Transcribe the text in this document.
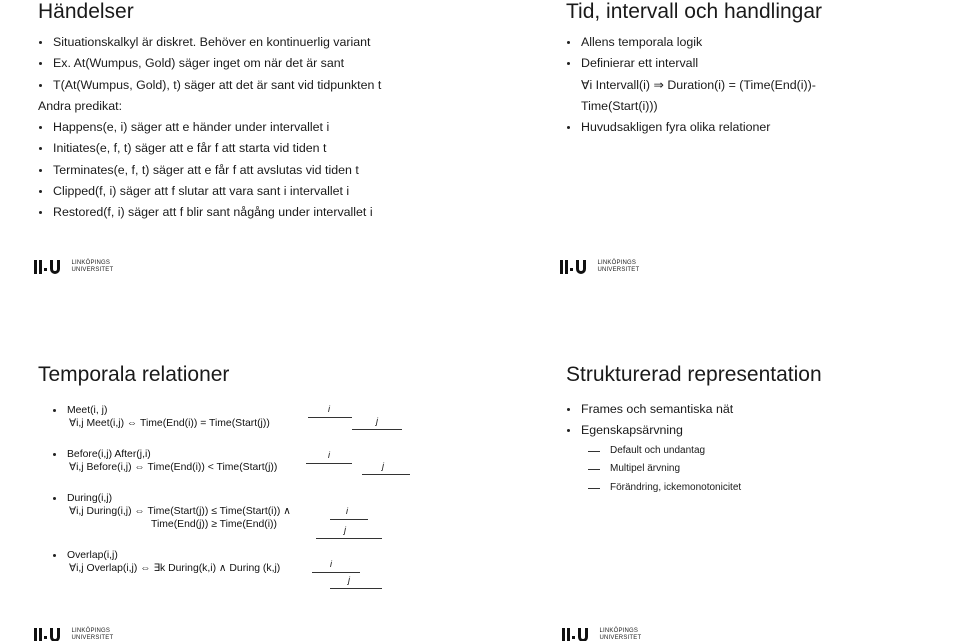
Händelser
Situationskalkyl är diskret. Behöver en kontinuerlig variant
Ex. At(Wumpus, Gold) säger inget om när det är sant
T(At(Wumpus, Gold), t) säger att det är sant vid tidpunkten t
Andra predikat:
Happens(e, i) säger att e händer under intervallet i
Initiates(e, f, t) säger att e får f att starta vid tiden t
Terminates(e, f, t) säger att e får f att avslutas vid tiden t
Clipped(f, i) säger att f slutar att vara sant i intervallet i
Restored(f, i) säger att f blir sant någång under intervallet i
LINKÖPINGS
UNIVERSITET
Tid, intervall och handlingar
Allens temporala logik
Definierar ett intervall
∀i Intervall(i) ⇒ Duration(i) = (Time(End(i))-
Time(Start(i)))
Huvudsakligen fyra olika relationer
LINKÖPINGS
UNIVERSITET
Temporala relationer
Meet(i, j)
∀i,j Meet(i,j) ⇔ Time(End(i)) = Time(Start(j))
Before(i,j) After(j,i)
∀i,j Before(i,j) ⇔ Time(End(i)) < Time(Start(j))
During(i,j)
∀i,j During(i,j) ⇔ Time(Start(j)) ≤ Time(Start(i)) ∧
Time(End(j)) ≥ Time(End(i))
Overlap(i,j)
∀i,j Overlap(i,j) ⇔ ∃k During(k,i) ∧ During (k,j)
i
j
i
j
i
j
i
j
LINKÖPINGS
UNIVERSITET
Strukturerad representation
Frames och semantiska nät
Egenskapsärvning
Default och undantag
Multipel ärvning
Förändring, ickemonotonicitet
LINKÖPINGS
UNIVERSITET
